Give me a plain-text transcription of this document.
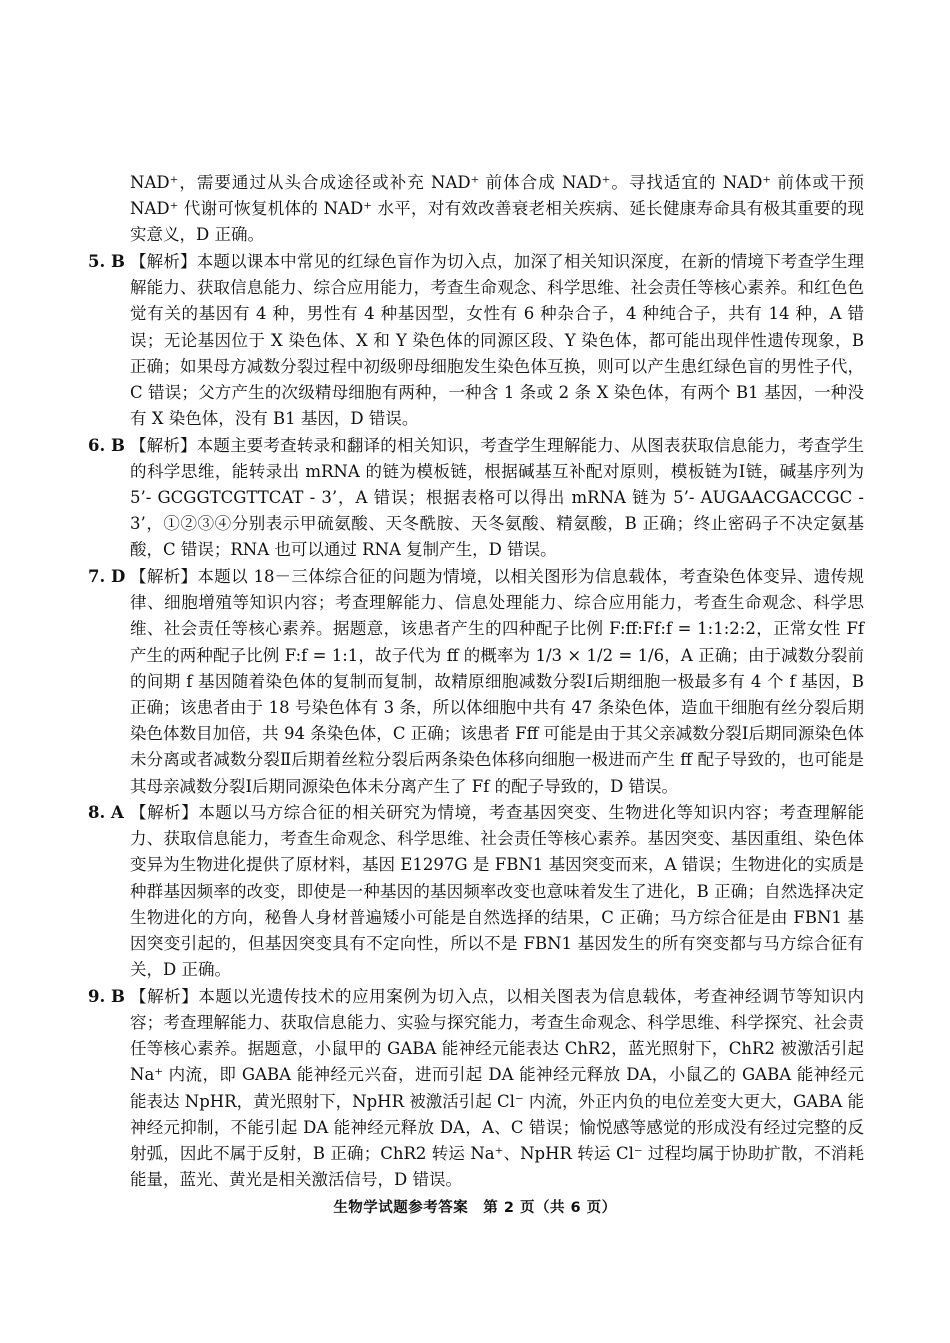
NAD⁺，需要通过从头合成途径或补充 NAD⁺ 前体合成 NAD⁺。寻找适宜的 NAD⁺ 前体或干预 NAD⁺ 代谢可恢复机体的 NAD⁺ 水平，对有效改善衰老相关疾病、延长健康寿命具有极其重要的现实意义，D 正确。

5. B 【解析】本题以课本中常见的红绿色盲作为切入点，加深了相关知识深度，在新的情境下考查学生理解能力、获取信息能力、综合应用能力，考查生命观念、科学思维、社会责任等核心素养。和红色色觉有关的基因有 4 种，男性有 4 种基因型，女性有 6 种杂合子，4 种纯合子，共有 14 种，A 错误；无论基因位于 X 染色体、X 和 Y 染色体的同源区段、Y 染色体，都可能出现伴性遗传现象，B 正确；如果母方减数分裂过程中初级卵母细胞发生染色体互换，则可以产生患红绿色盲的男性子代，C 错误；父方产生的次级精母细胞有两种，一种含 1 条或 2 条 X 染色体，有两个 B1 基因，一种没有 X 染色体，没有 B1 基因，D 错误。

6. B 【解析】本题主要考查转录和翻译的相关知识，考查学生理解能力、从图表获取信息能力，考查学生的科学思维，能转录出 mRNA 的链为模板链，根据碱基互补配对原则，模板链为Ⅰ链，碱基序列为 5’- GCGGTCGTTCAT - 3’，A 错误；根据表格可以得出 mRNA 链为 5’- AUGAACGACCGC - 3’，①②③④分别表示甲硫氨酸、天冬酰胺、天冬氨酸、精氨酸，B 正确；终止密码子不决定氨基酸，C 错误；RNA 也可以通过 RNA 复制产生，D 错误。

7. D 【解析】本题以 18－三体综合征的问题为情境，以相关图形为信息载体，考查染色体变异、遗传规律、细胞增殖等知识内容；考查理解能力、信息处理能力、综合应用能力，考查生命观念、科学思维、社会责任等核心素养。据题意，该患者产生的四种配子比例 F:ff:Ff:f = 1:1:2:2，正常女性 Ff 产生的两种配子比例 F:f = 1:1，故子代为 ff 的概率为 1/3 × 1/2 = 1/6，A 正确；由于减数分裂前的间期 f 基因随着染色体的复制而复制，故精原细胞减数分裂Ⅰ后期细胞一极最多有 4 个 f 基因，B 正确；该患者由于 18 号染色体有 3 条，所以体细胞中共有 47 条染色体，造血干细胞有丝分裂后期染色体数目加倍，共 94 条染色体，C 正确；该患者 Fff 可能是由于其父亲减数分裂Ⅰ后期同源染色体未分离或者减数分裂Ⅱ后期着丝粒分裂后两条染色体移向细胞一极进而产生 ff 配子导致的，也可能是其母亲减数分裂Ⅰ后期同源染色体未分离产生了 Ff 的配子导致的，D 错误。

8. A 【解析】本题以马方综合征的相关研究为情境，考查基因突变、生物进化等知识内容；考查理解能力、获取信息能力，考查生命观念、科学思维、社会责任等核心素养。基因突变、基因重组、染色体变异为生物进化提供了原材料，基因 E1297G 是 FBN1 基因突变而来，A 错误；生物进化的实质是种群基因频率的改变，即使是一种基因的基因频率改变也意味着发生了进化，B 正确；自然选择决定生物进化的方向，秘鲁人身材普遍矮小可能是自然选择的结果，C 正确；马方综合征是由 FBN1 基因突变引起的，但基因突变具有不定向性，所以不是 FBN1 基因发生的所有突变都与马方综合征有关，D 正确。

9. B 【解析】本题以光遗传技术的应用案例为切入点，以相关图表为信息载体，考查神经调节等知识内容；考查理解能力、获取信息能力、实验与探究能力，考查生命观念、科学思维、科学探究、社会责任等核心素养。据题意，小鼠甲的 GABA 能神经元能表达 ChR2，蓝光照射下，ChR2 被激活引起 Na⁺ 内流，即 GABA 能神经元兴奋，进而引起 DA 能神经元释放 DA，小鼠乙的 GABA 能神经元能表达 NpHR，黄光照射下，NpHR 被激活引起 Cl⁻ 内流，外正内负的电位差变大更大，GABA 能神经元抑制，不能引起 DA 能神经元释放 DA，A、C 错误；愉悦感等感觉的形成没有经过完整的反射弧，因此不属于反射，B 正确；ChR2 转运 Na⁺、NpHR 转运 Cl⁻ 过程均属于协助扩散，不消耗能量，蓝光、黄光是相关激活信号，D 错误。

生物学试题参考答案　第 2 页（共 6 页）
